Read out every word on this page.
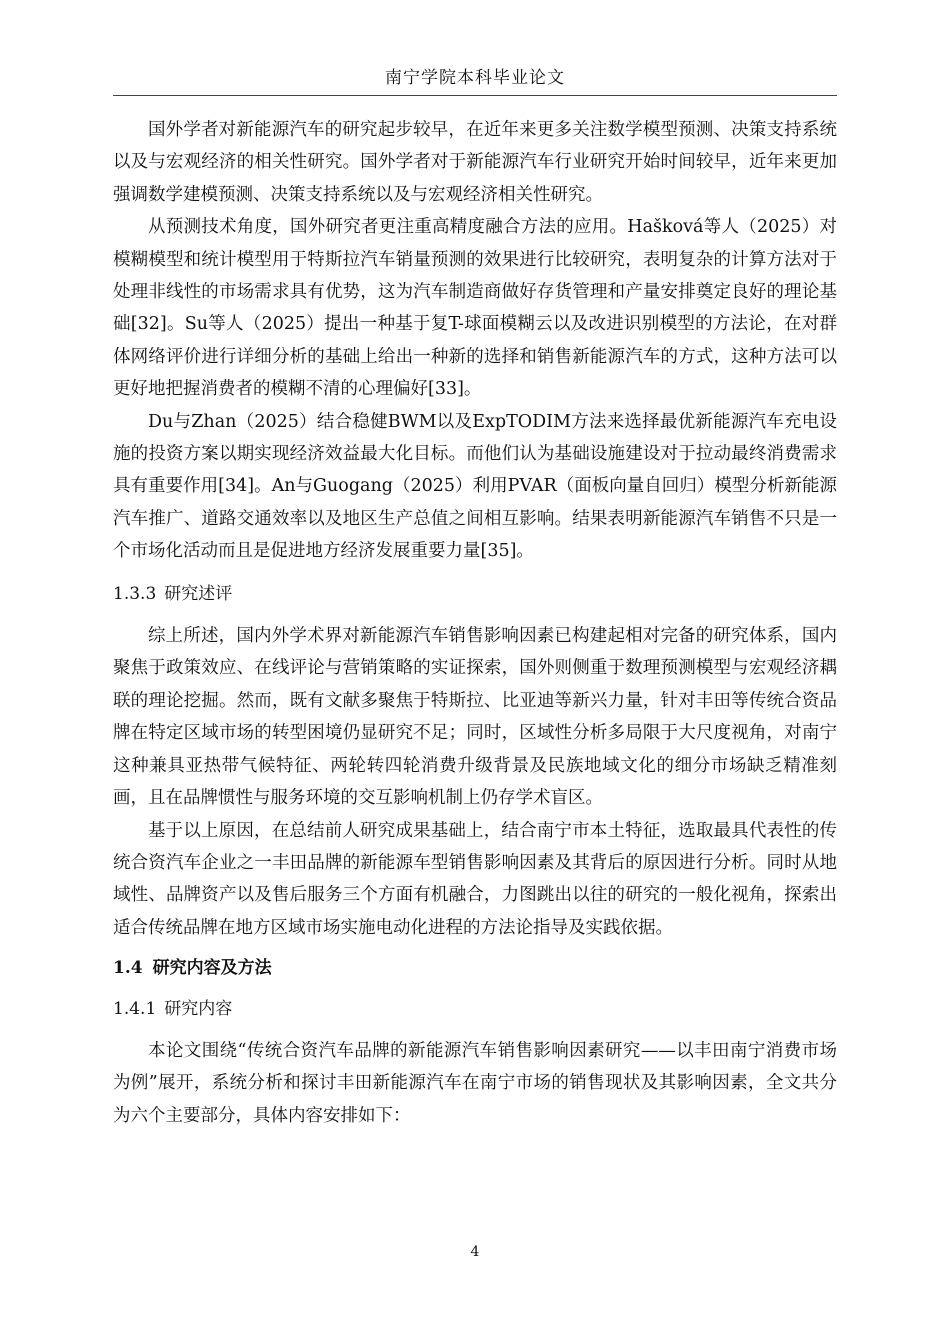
南宁学院本科毕业论文

国外学者对新能源汽车的研究起步较早，在近年来更多关注数学模型预测、决策支持系统以及与宏观经济的相关性研究。国外学者对于新能源汽车行业研究开始时间较早，近年来更加强调数学建模预测、决策支持系统以及与宏观经济相关性研究。

从预测技术角度，国外研究者更注重高精度融合方法的应用。Hašková等人（2025）对模糊模型和统计模型用于特斯拉汽车销量预测的效果进行比较研究，表明复杂的计算方法对于处理非线性的市场需求具有优势，这为汽车制造商做好存货管理和产量安排奠定良好的理论基础[32]。Su等人（2025）提出一种基于复T-球面模糊云以及改进识别模型的方法论，在对群体网络评价进行详细分析的基础上给出一种新的选择和销售新能源汽车的方式，这种方法可以更好地把握消费者的模糊不清的心理偏好[33]。

Du与Zhan（2025）结合稳健BWM以及ExpTODIM方法来选择最优新能源汽车充电设施的投资方案以期实现经济效益最大化目标。而他们认为基础设施建设对于拉动最终消费需求具有重要作用[34]。An与Guogang（2025）利用PVAR（面板向量自回归）模型分析新能源汽车推广、道路交通效率以及地区生产总值之间相互影响。结果表明新能源汽车销售不只是一个市场化活动而且是促进地方经济发展重要力量[35]。

1.3.3 研究述评

综上所述，国内外学术界对新能源汽车销售影响因素已构建起相对完备的研究体系，国内聚焦于政策效应、在线评论与营销策略的实证探索，国外则侧重于数理预测模型与宏观经济耦联的理论挖掘。然而，既有文献多聚焦于特斯拉、比亚迪等新兴力量，针对丰田等传统合资品牌在特定区域市场的转型困境仍显研究不足；同时，区域性分析多局限于大尺度视角，对南宁这种兼具亚热带气候特征、两轮转四轮消费升级背景及民族地域文化的细分市场缺乏精准刻画，且在品牌惯性与服务环境的交互影响机制上仍存学术盲区。

基于以上原因，在总结前人研究成果基础上，结合南宁市本土特征，选取最具代表性的传统合资汽车企业之一丰田品牌的新能源车型销售影响因素及其背后的原因进行分析。同时从地域性、品牌资产以及售后服务三个方面有机融合，力图跳出以往的研究的一般化视角，探索出适合传统品牌在地方区域市场实施电动化进程的方法论指导及实践依据。

1.4 研究内容及方法
1.4.1 研究内容

本论文围绕“传统合资汽车品牌的新能源汽车销售影响因素研究——以丰田南宁消费市场为例”展开，系统分析和探讨丰田新能源汽车在南宁市场的销售现状及其影响因素，全文共分为六个主要部分，具体内容安排如下：

4
